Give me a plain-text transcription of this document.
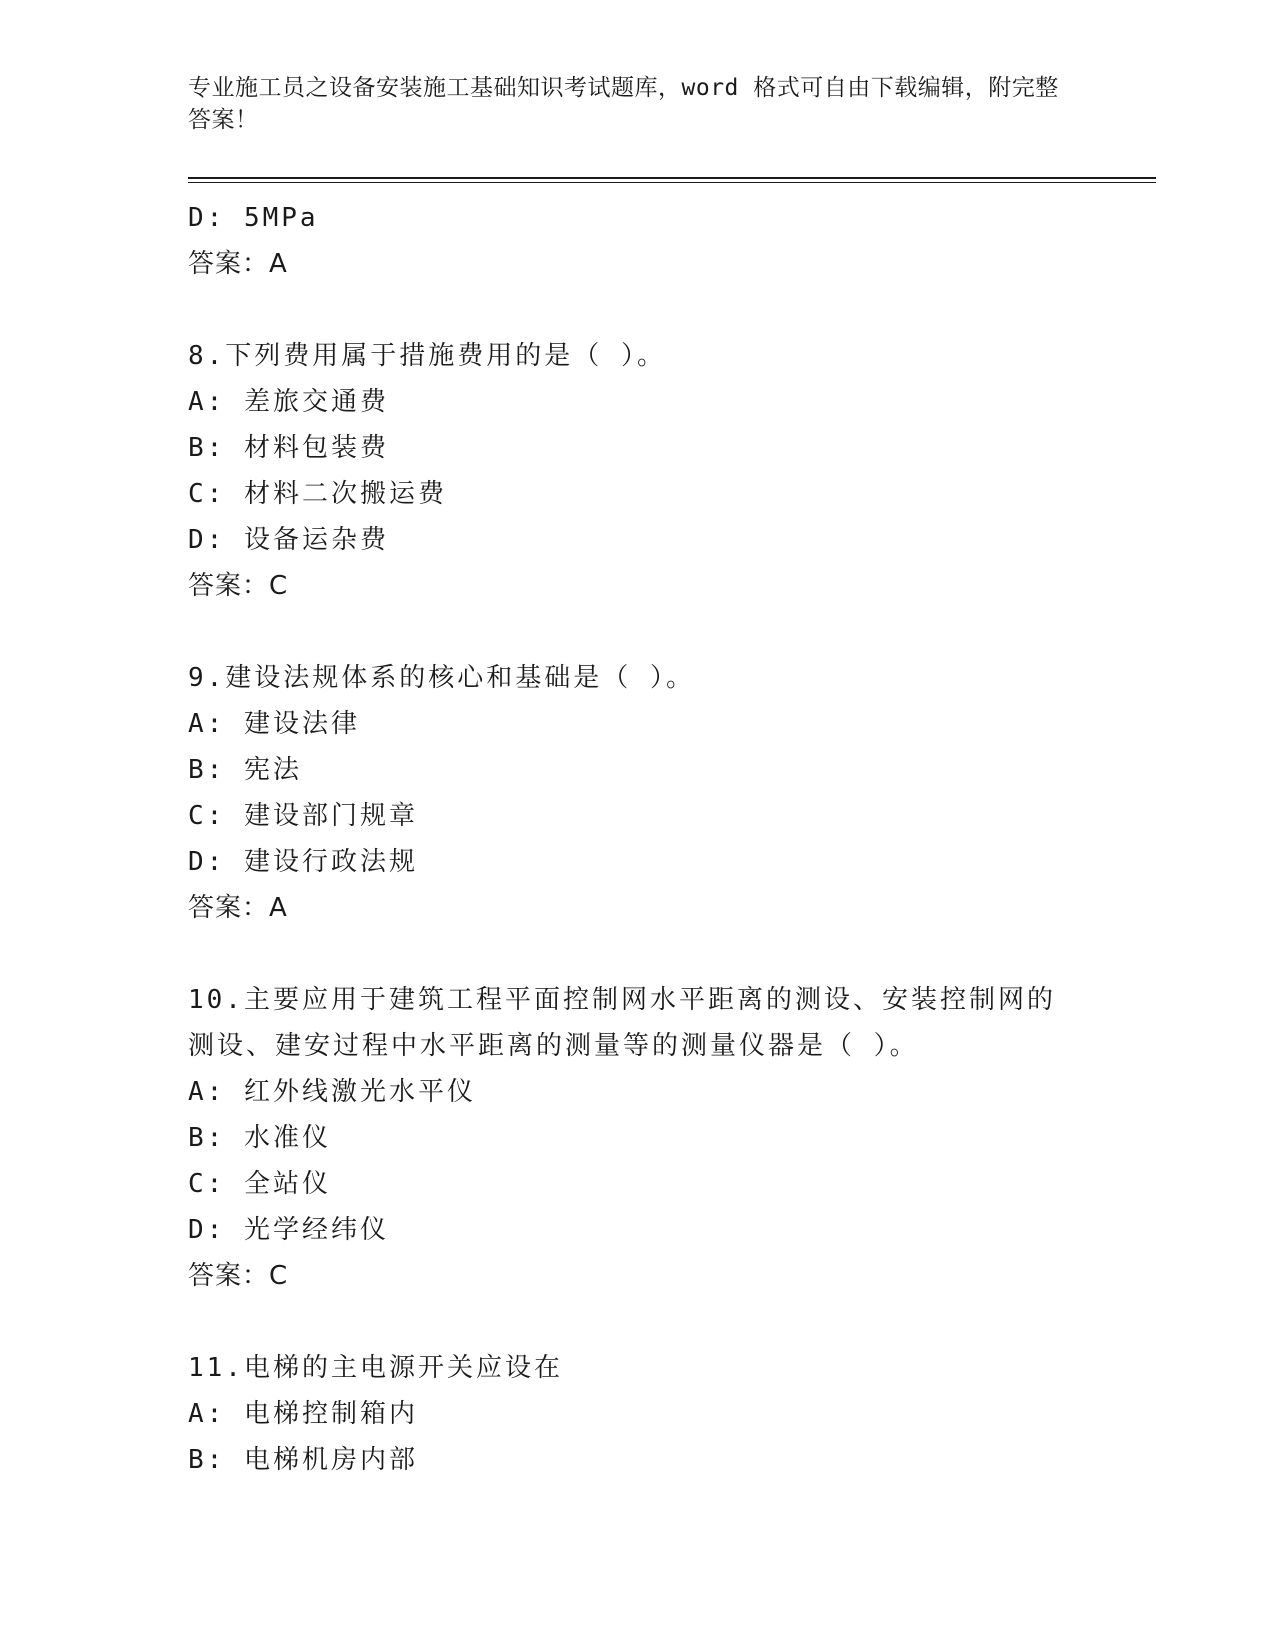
专业施工员之设备安装施工基础知识考试题库，word 格式可自由下载编辑，附完整答案！
D: 5MPa
答案：A
8.下列费用属于措施费用的是（ ）。
A: 差旅交通费
B: 材料包装费
C: 材料二次搬运费
D: 设备运杂费
答案：C
9.建设法规体系的核心和基础是（ ）。
A: 建设法律
B: 宪法
C: 建设部门规章
D: 建设行政法规
答案：A
10.主要应用于建筑工程平面控制网水平距离的测设、安装控制网的测设、建安过程中水平距离的测量等的测量仪器是（ ）。
A: 红外线激光水平仪
B: 水准仪
C: 全站仪
D: 光学经纬仪
答案：C
11.电梯的主电源开关应设在
A: 电梯控制箱内
B: 电梯机房内部
